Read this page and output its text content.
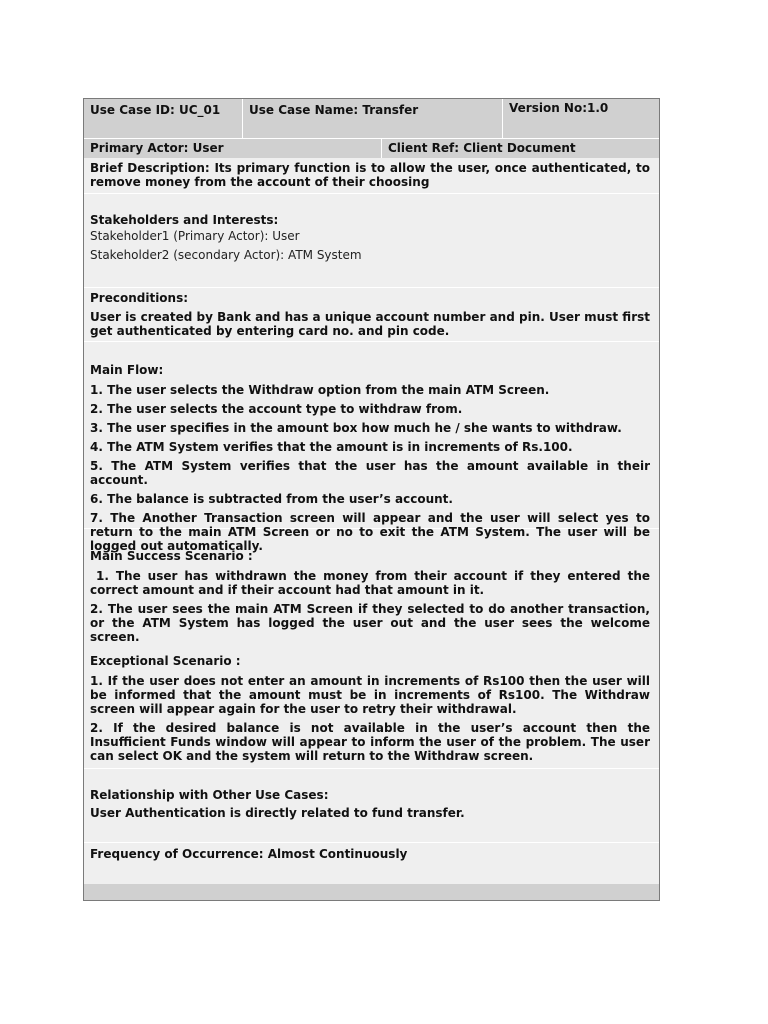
Use Case ID: UC_01 Use Case Name: Transfer	Version No:1.0
Primary Actor: User	Client Ref: Client Document
Brief Description: Its primary function is to allow the user, once authenticated, to remove money from the account of their choosing
Stakeholders and Interests:
Stakeholder1 (Primary Actor): User
Stakeholder2 (secondary Actor): ATM System
Preconditions:
User is created by Bank and has a unique account number and pin. User must first get authenticated by entering card no. and pin code.
Main Flow:

1. The user selects the Withdraw option from the main ATM Screen.

2. The user selects the account type to withdraw from.

3. The user specifies in the amount box how much he / she wants to withdraw.

4. The ATM System verifies that the amount is in increments of Rs.100.

5. The ATM System verifies that the user has the amount available in their account.

6. The balance is subtracted from the user’s account.

7. The Another Transaction screen will appear and the user will select yes to return to the main ATM Screen or no to exit the ATM System. The user will be logged out automatically.

Main Success Scenario :

1. The user has withdrawn the money from their account if they entered the correct amount and if their account had that amount in it.

2. The user sees the main ATM Screen if they selected to do another transaction, or the ATM System has logged the user out and the user sees the welcome screen.

Exceptional Scenario :

1. If the user does not enter an amount in increments of Rs100 then the user will be informed that the amount must be in increments of Rs100. The Withdraw screen will appear again for the user to retry their withdrawal.

2. If the desired balance is not available in the user’s account then the Insufficient Funds window will appear to inform the user of the problem. The user can select OK and the system will return to the Withdraw screen.

Relationship with Other Use Cases:
User Authentication is directly related to fund transfer.
Frequency of Occurrence: Almost Continuously
